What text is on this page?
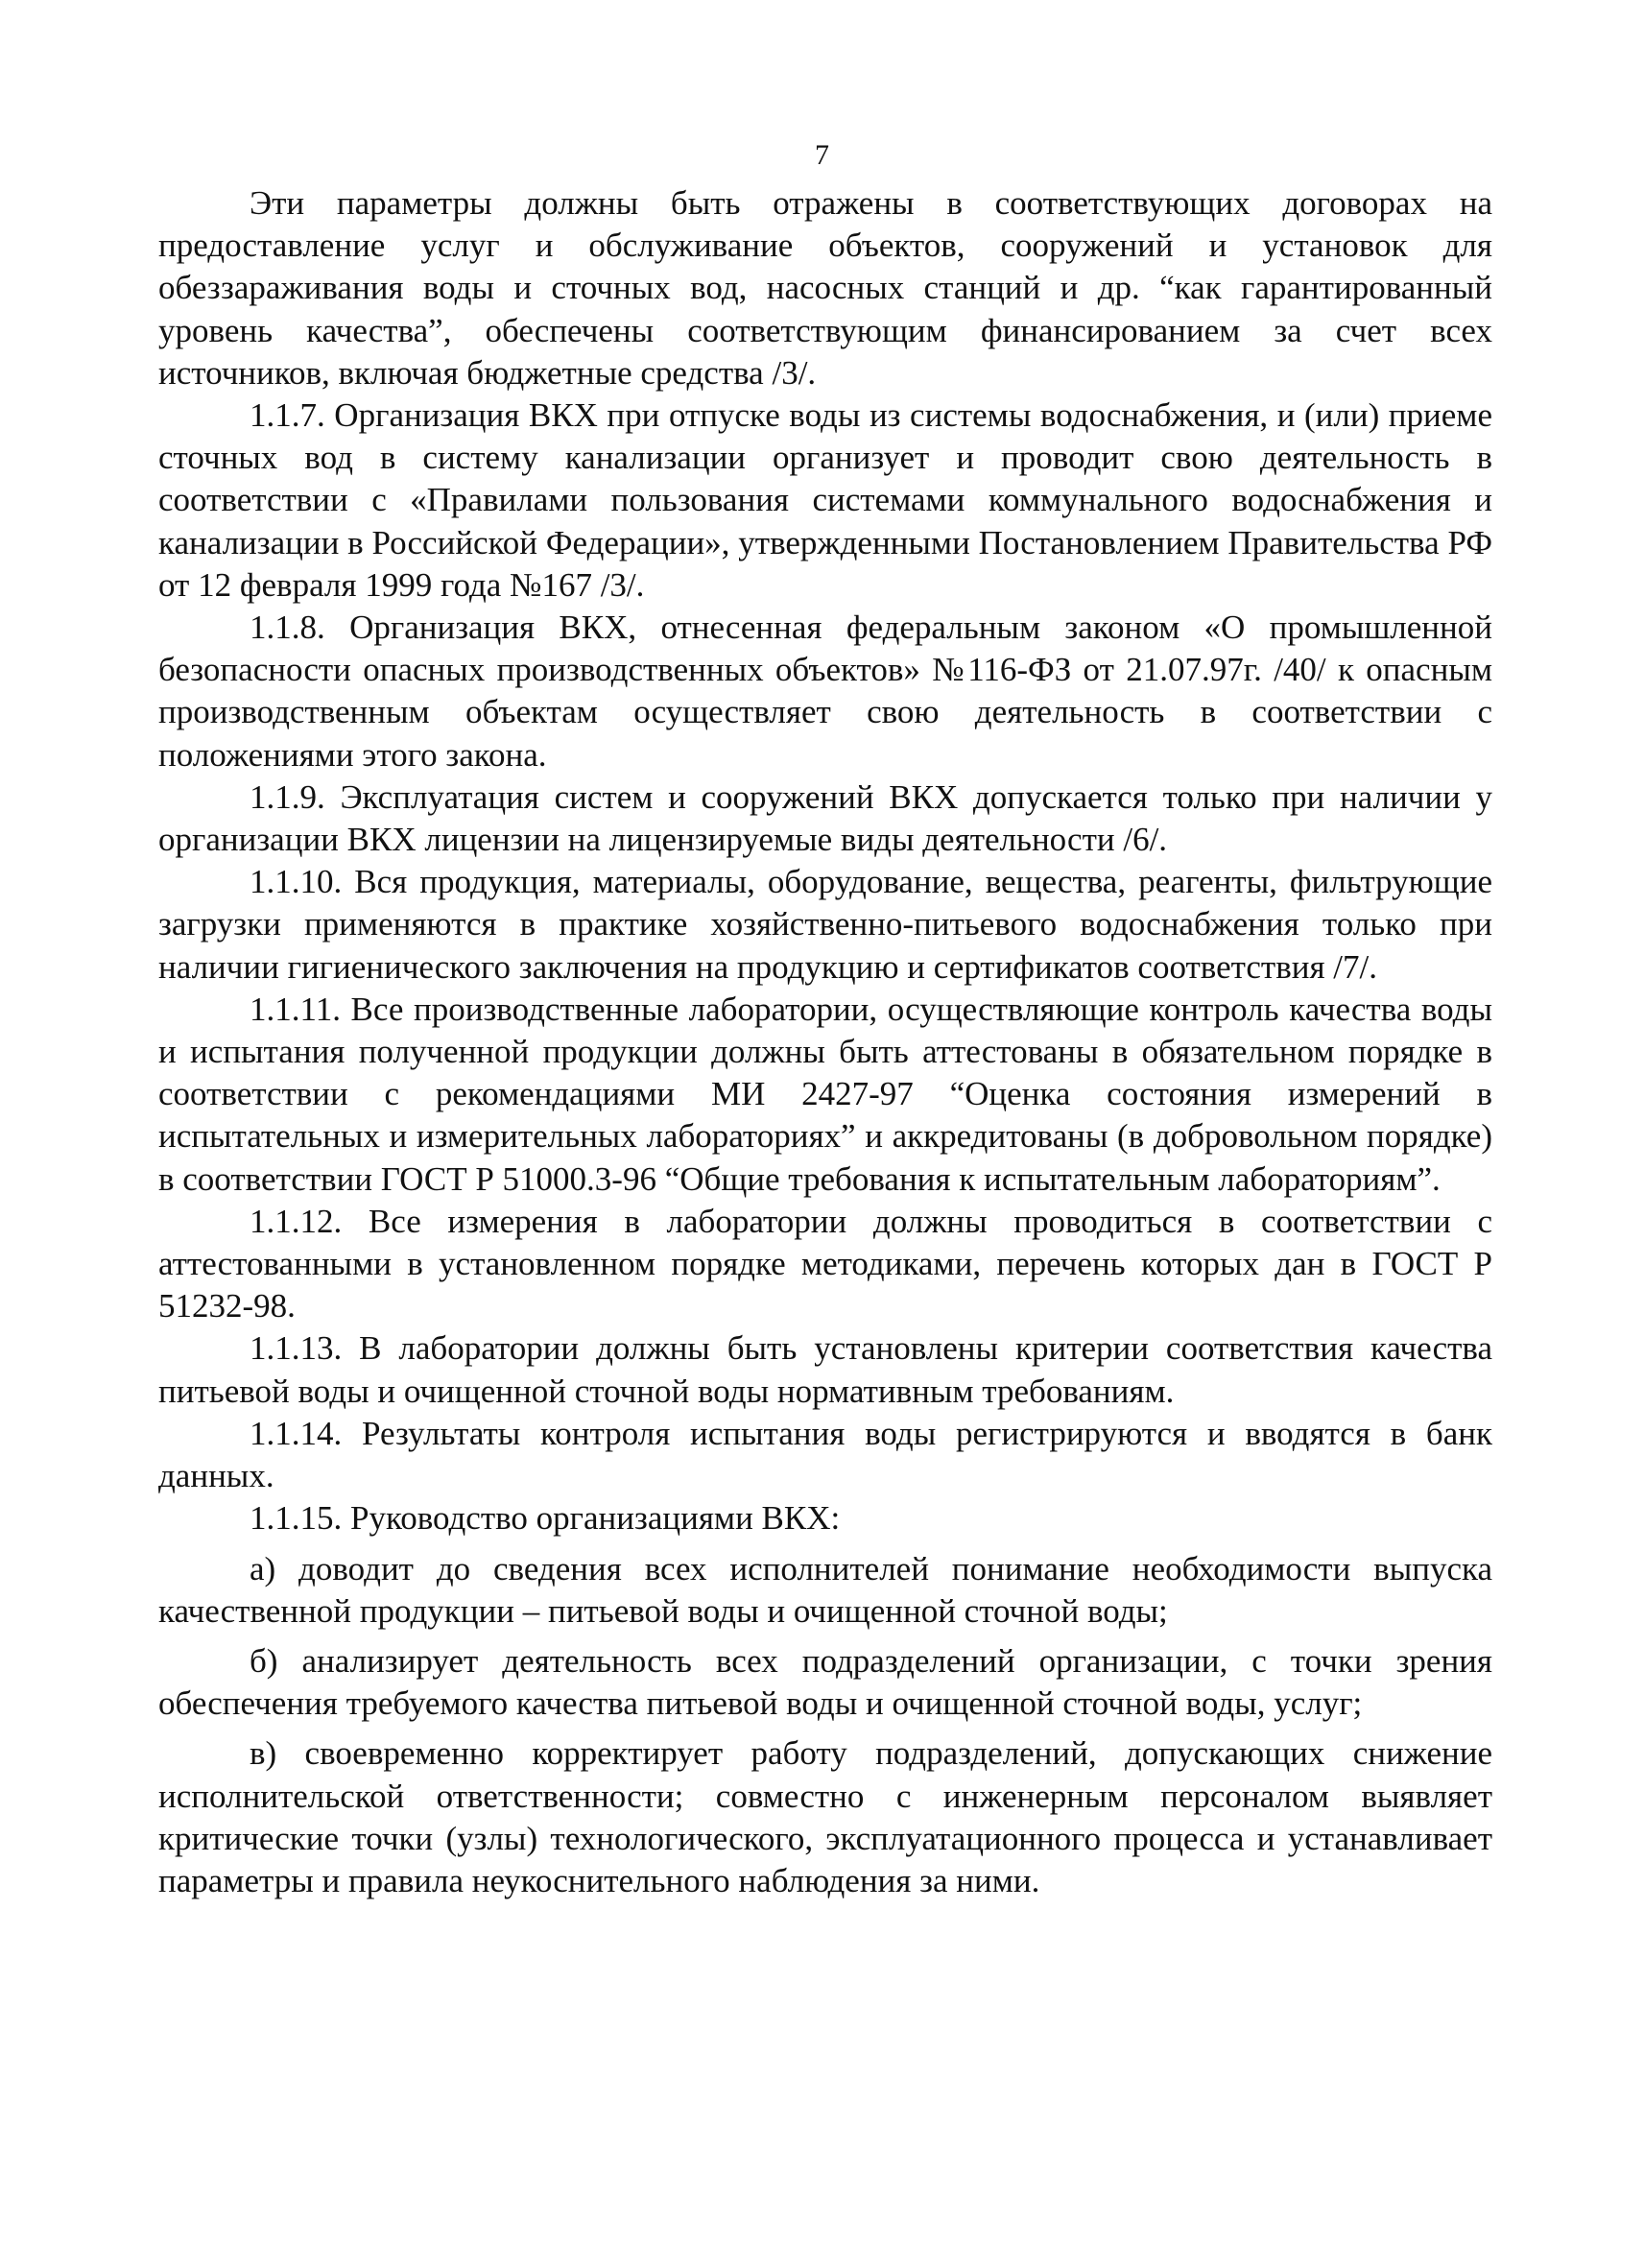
7

Эти параметры должны быть отражены в соответствующих договорах на предоставление услуг и обслуживание объектов, сооружений и установок для обеззараживания воды и сточных вод, насосных станций и др. “как гарантированный уровень качества”, обеспечены соответствующим финансированием за счет всех источников, включая бюджетные средства /3/.

1.1.7. Организация ВКХ при отпуске воды из системы водоснабжения, и (или) приеме сточных вод в систему канализации организует и проводит свою деятельность в соответствии с «Правилами пользования системами коммунального водоснабжения и канализации в Российской Федерации», утвержденными Постановлением Правительства РФ от 12 февраля 1999 года №167 /3/.

1.1.8. Организация ВКХ, отнесенная федеральным законом «О промышленной безопасности опасных производственных объектов» №116-ФЗ от 21.07.97г. /40/ к опасным производственным объектам осуществляет свою деятельность в соответствии с положениями этого закона.

1.1.9. Эксплуатация систем и сооружений ВКХ допускается только при наличии у организации ВКХ лицензии на лицензируемые виды деятельности /6/.

1.1.10. Вся продукция, материалы, оборудование, вещества, реагенты, фильтрующие загрузки применяются в практике хозяйственно-питьевого водоснабжения только при наличии гигиенического заключения на продукцию и сертификатов соответствия /7/.

1.1.11. Все производственные лаборатории, осуществляющие контроль качества воды и испытания полученной продукции должны быть аттестованы в обязательном порядке в соответствии с рекомендациями МИ 2427-97 “Оценка состояния измерений в испытательных и измерительных лабораториях” и аккредитованы (в добровольном порядке) в соответствии ГОСТ Р 51000.3-96 “Общие требования к испытательным лабораториям”.

1.1.12. Все измерения в лаборатории должны проводиться в соответствии с аттестованными в установленном порядке методиками, перечень которых дан в ГОСТ Р 51232-98.

1.1.13. В лаборатории должны быть установлены критерии соответствия качества питьевой воды и очищенной сточной воды нормативным требованиям.

1.1.14. Результаты контроля испытания воды регистрируются и вводятся в банк данных.

1.1.15. Руководство организациями ВКХ:

а) доводит до сведения всех исполнителей понимание необходимости выпуска качественной продукции – питьевой воды и очищенной сточной воды;

б) анализирует деятельность всех подразделений организации, с точки зрения обеспечения требуемого качества питьевой воды и очищенной сточной воды, услуг;

в) своевременно корректирует работу подразделений, допускающих снижение исполнительской ответственности; совместно с инженерным персоналом выявляет критические точки (узлы) технологического, эксплуатационного процесса и устанавливает параметры и правила неукоснительного наблюдения за ними.
